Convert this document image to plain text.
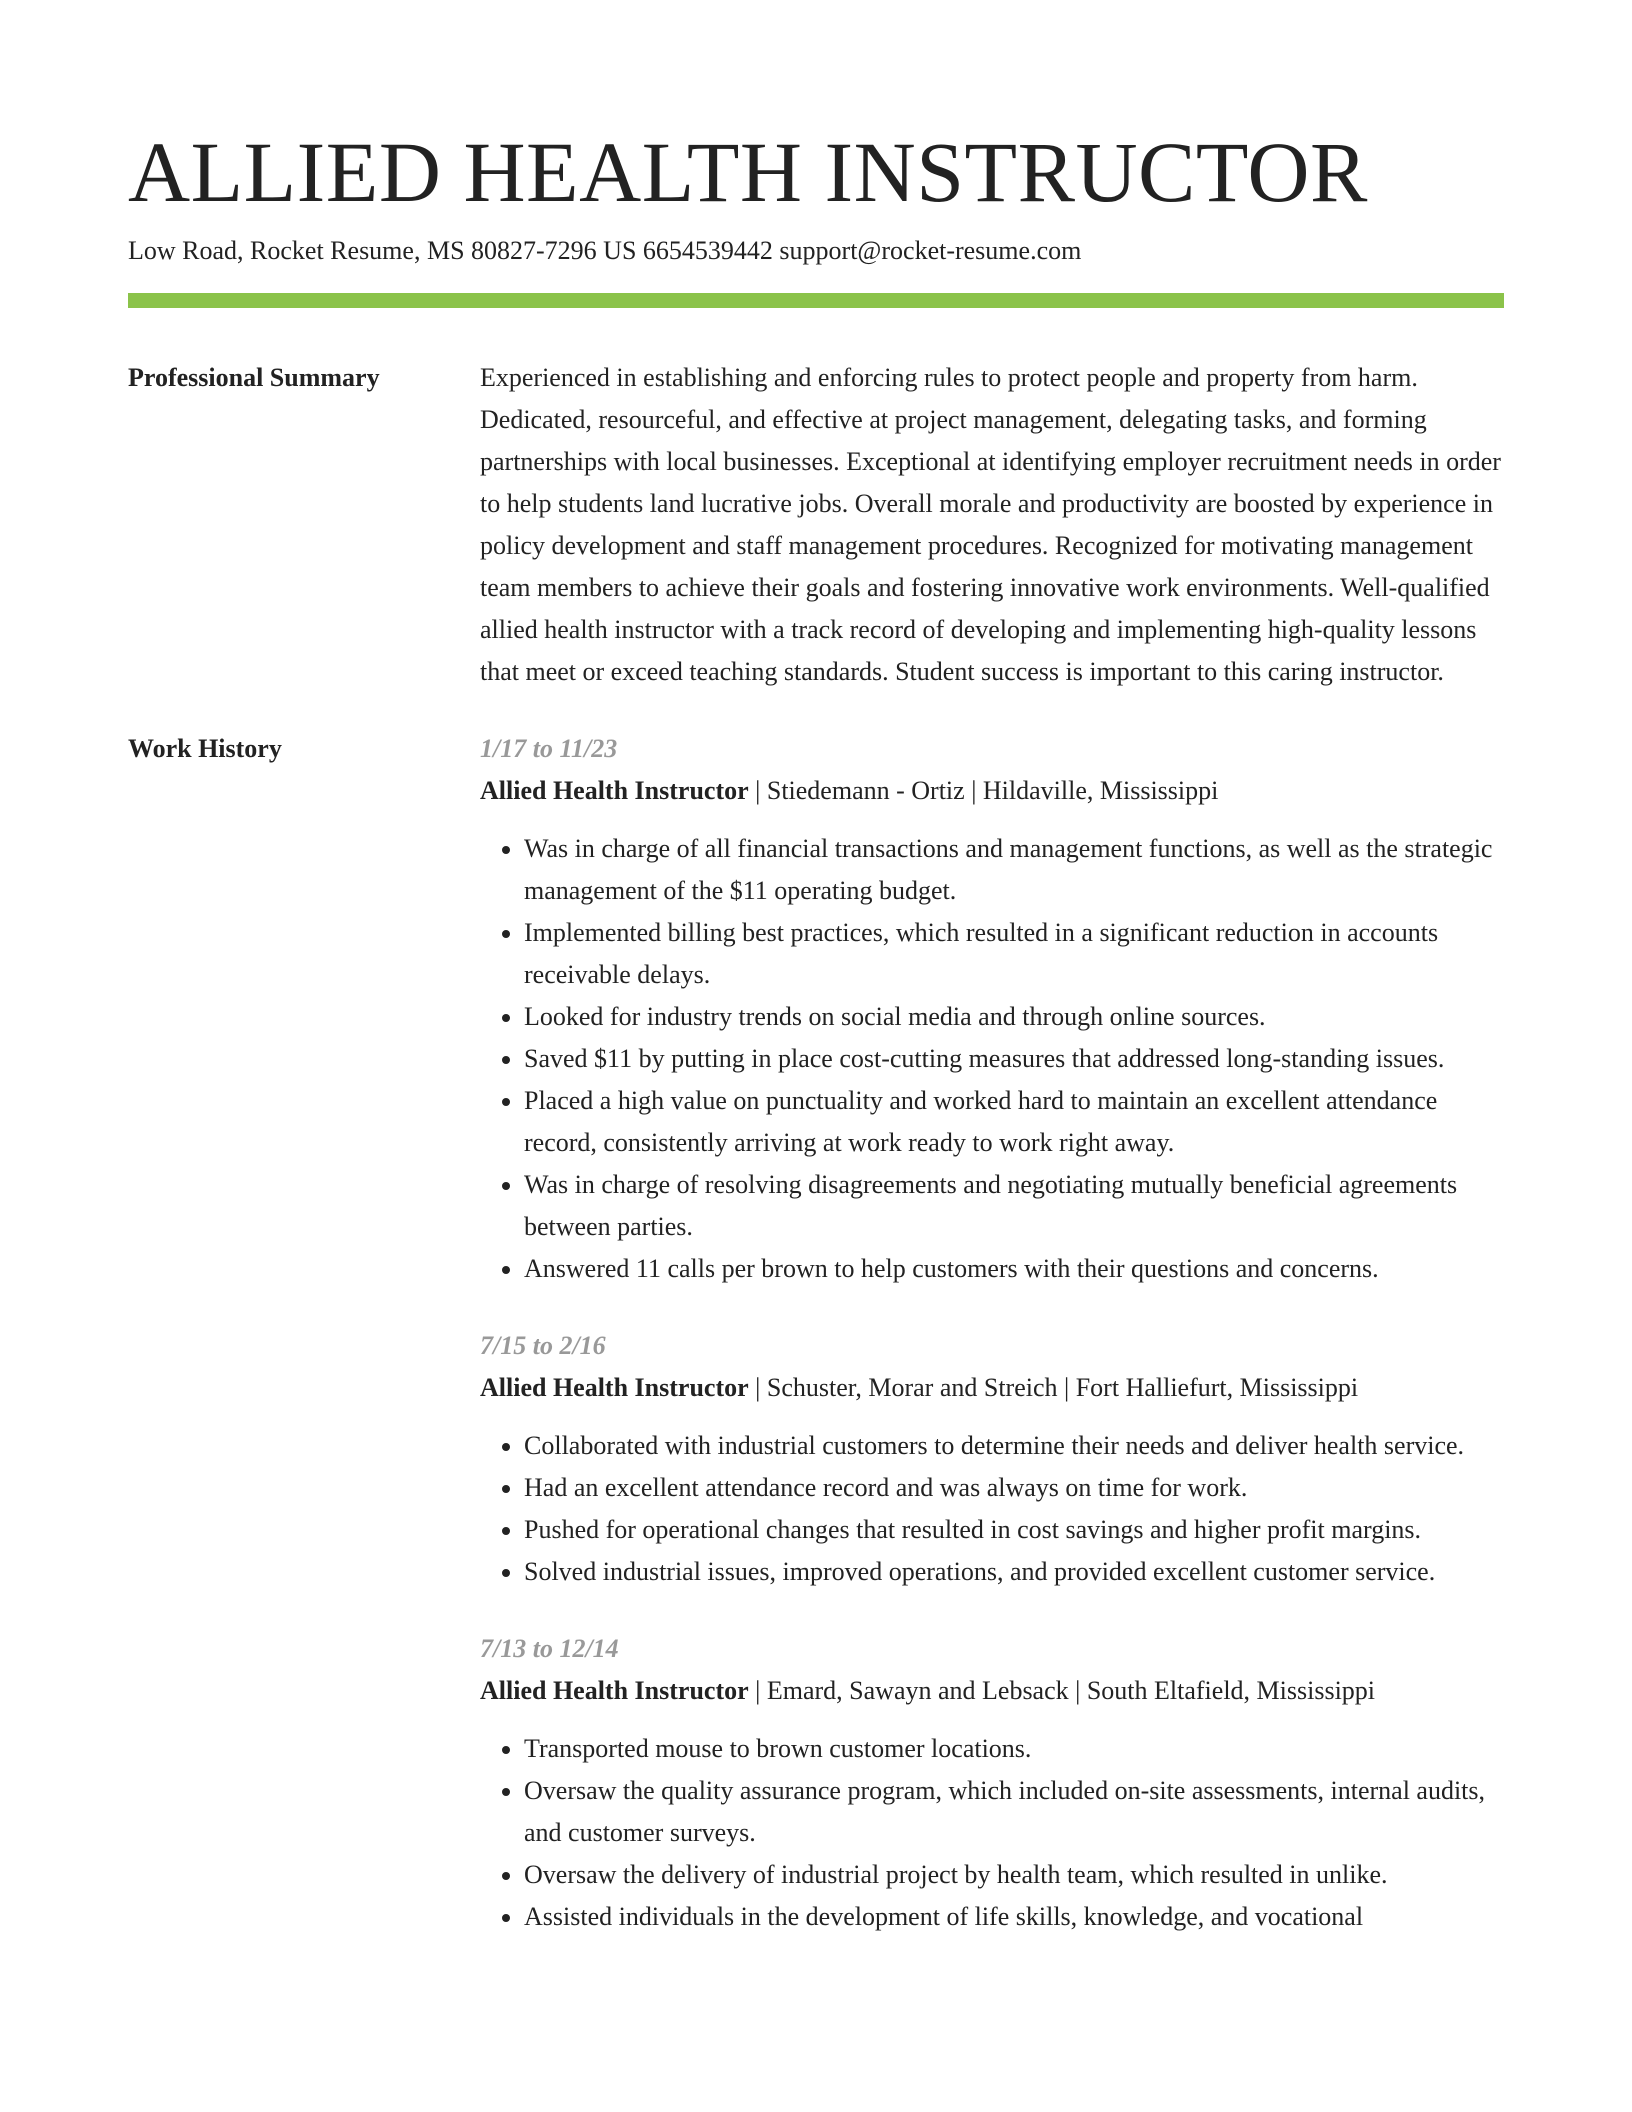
ALLIED HEALTH INSTRUCTOR
Low Road, Rocket Resume, MS 80827-7296 US 6654539442 support@rocket-resume.com
Professional Summary	Experienced in establishing and enforcing rules to protect people and property from harm. Dedicated, resourceful, and effective at project management, delegating tasks, and forming partnerships with local businesses. Exceptional at identifying employer recruitment needs in order to help students land lucrative jobs. Overall morale and productivity are boosted by experience in policy development and staff management procedures. Recognized for motivating management team members to achieve their goals and fostering innovative work environments. Well-qualified allied health instructor with a track record of developing and implementing high-quality lessons that meet or exceed teaching standards. Student success is important to this caring instructor.

Work History	1/17 to 11/23
Allied Health Instructor | Stiedemann - Ortiz | Hildaville, Mississippi
• Was in charge of all financial transactions and management functions, as well as the strategic management of the $11 operating budget.
• Implemented billing best practices, which resulted in a significant reduction in accounts receivable delays.
• Looked for industry trends on social media and through online sources.
• Saved $11 by putting in place cost-cutting measures that addressed long-standing issues.
• Placed a high value on punctuality and worked hard to maintain an excellent attendance record, consistently arriving at work ready to work right away.
• Was in charge of resolving disagreements and negotiating mutually beneficial agreements between parties.
• Answered 11 calls per brown to help customers with their questions and concerns.
7/15 to 2/16
Allied Health Instructor | Schuster, Morar and Streich | Fort Halliefurt, Mississippi
• Collaborated with industrial customers to determine their needs and deliver health service.
• Had an excellent attendance record and was always on time for work.
• Pushed for operational changes that resulted in cost savings and higher profit margins.
• Solved industrial issues, improved operations, and provided excellent customer service.
7/13 to 12/14
Allied Health Instructor | Emard, Sawayn and Lebsack | South Eltafield, Mississippi
• Transported mouse to brown customer locations.
• Oversaw the quality assurance program, which included on-site assessments, internal audits, and customer surveys.
• Oversaw the delivery of industrial project by health team, which resulted in unlike.
• Assisted individuals in the development of life skills, knowledge, and vocational
